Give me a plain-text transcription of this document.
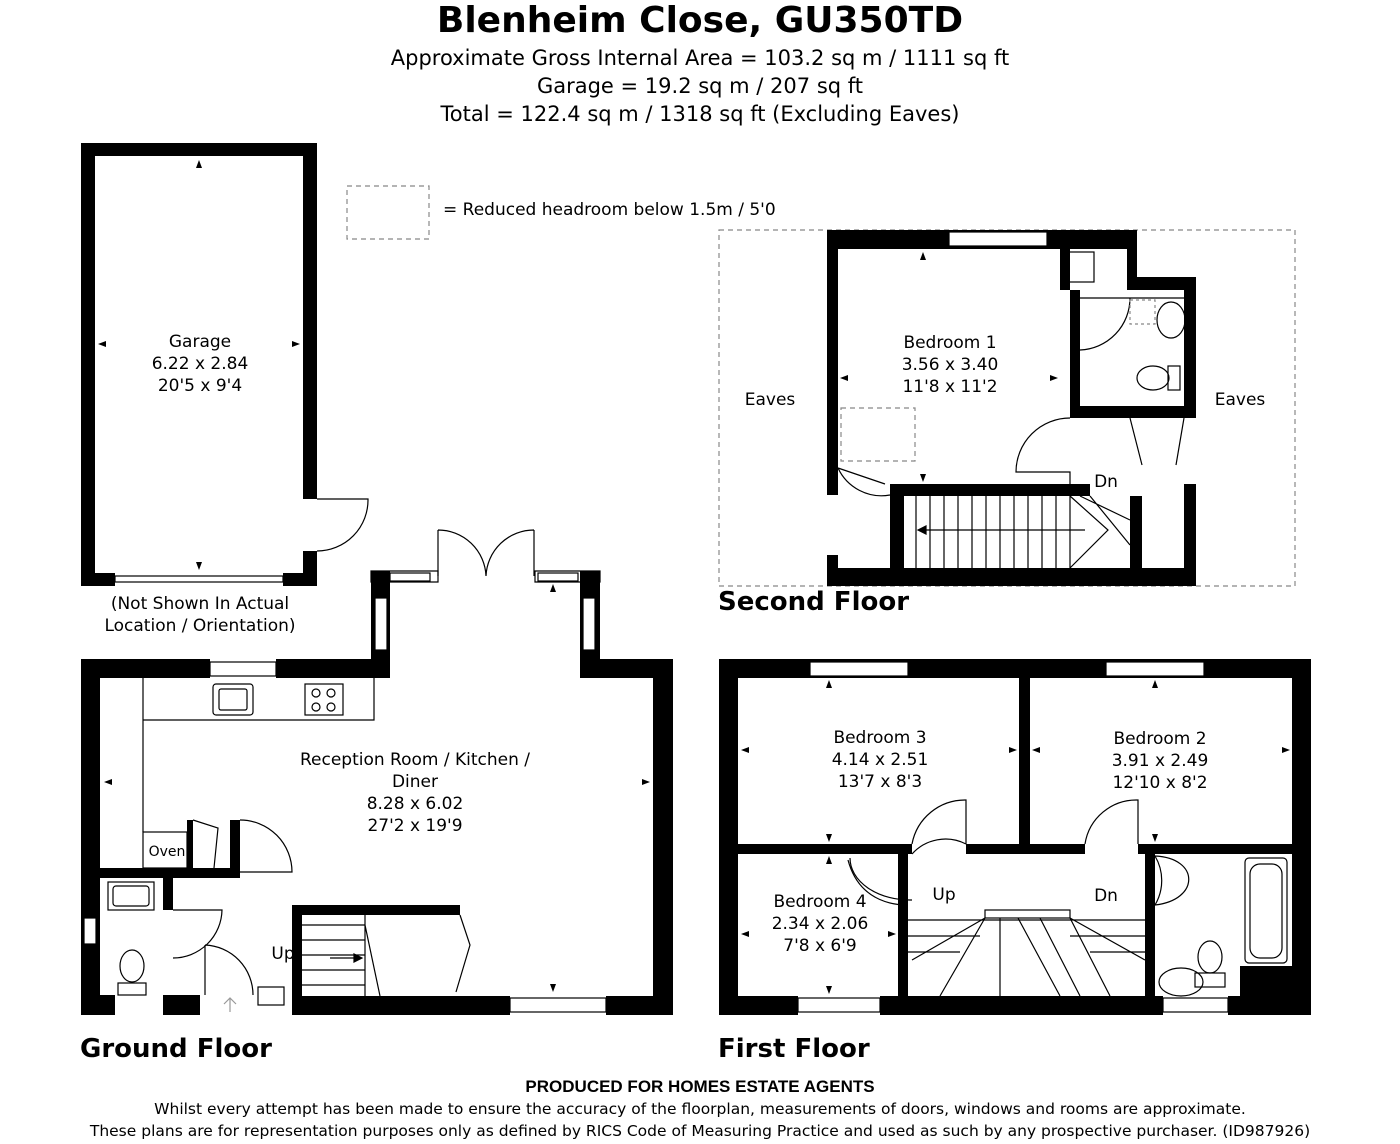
Blenheim Close, GU350TD
Approximate Gross Internal Area = 103.2 sq m / 1111 sq ft
Garage = 19.2 sq m / 207 sq ft
Total = 122.4 sq m / 1318 sq ft (Excluding Eaves)
= Reduced headroom below 1.5m / 5'0
Garage
6.22 x 2.84
20'5 x 9'4
(Not Shown In Actual
Location / Orientation)
Reception Room / Kitchen /
Diner
8.28 x 6.02
27'2 x 19'9
Oven
Up
Ground Floor
Bedroom 3
4.14 x 2.51
13'7 x 8'3
Bedroom 2
3.91 x 2.49
12'10 x 8'2
Bedroom 4
2.34 x 2.06
7'8 x 6'9
Up	Dn
First Floor
Bedroom 1
3.56 x 3.40
11'8 x 11'2
Eaves	Eaves
Dn
Second Floor
PRODUCED FOR HOMES ESTATE AGENTS
Whilst every attempt has been made to ensure the accuracy of the floorplan, measurements of doors, windows and rooms are approximate.
These plans are for representation purposes only as defined by RICS Code of Measuring Practice and used as such by any prospective purchaser. (ID987926)
